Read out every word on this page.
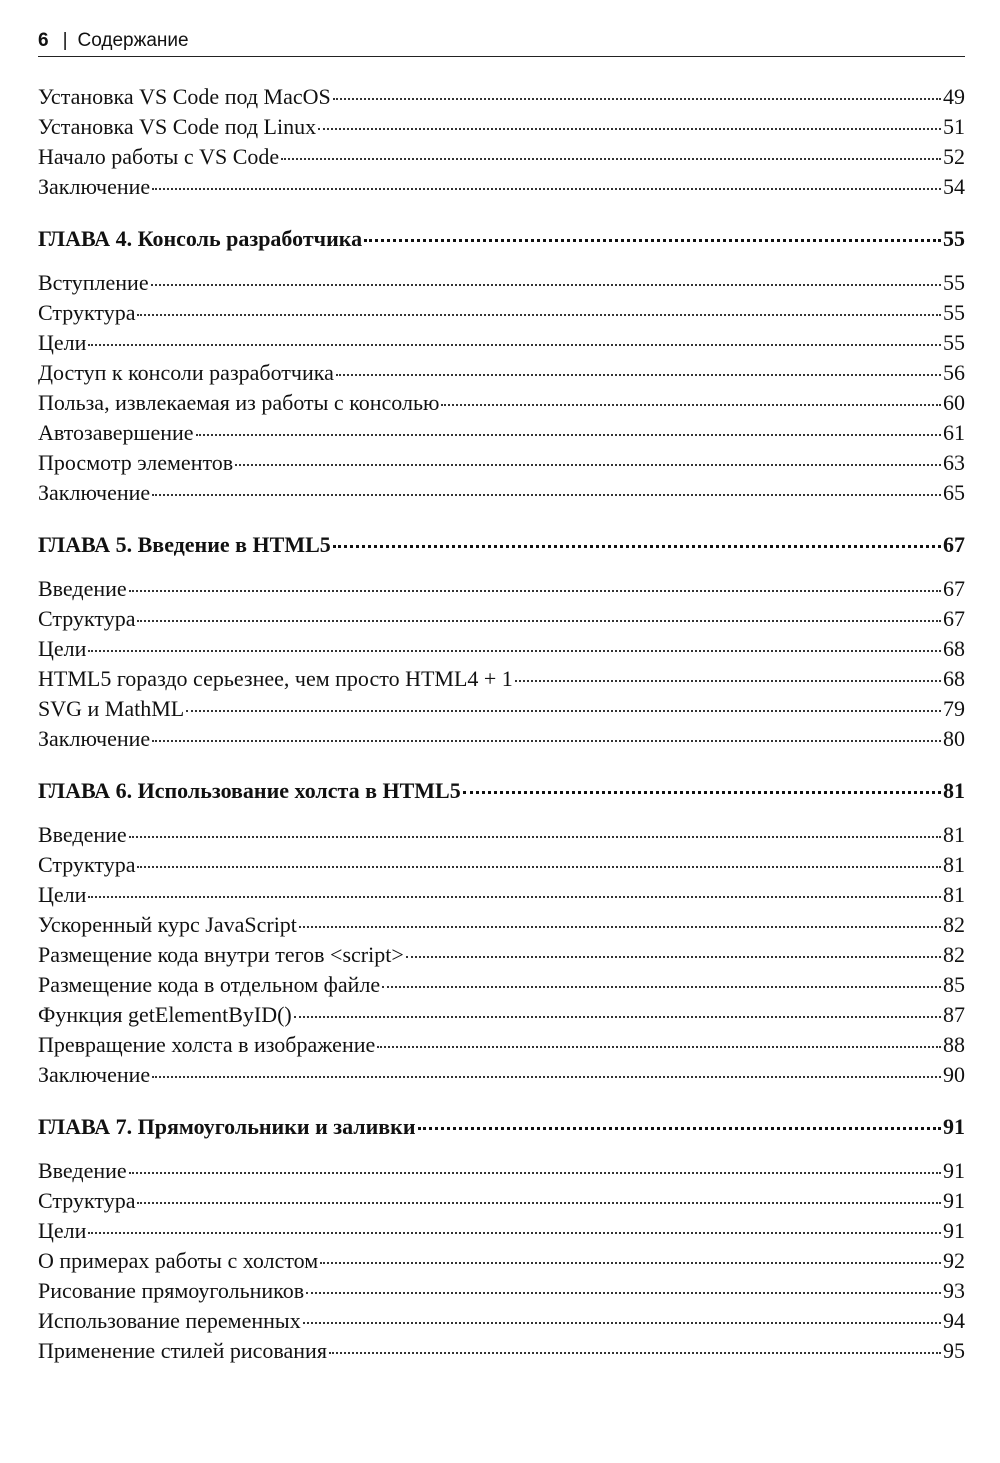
6 | Содержание
Установка VS Code под MacOS	49
Установка VS Code под Linux	51
Начало работы с VS Code	52
Заключение	54
ГЛАВА 4. Консоль разработчика	55
Вступление	55
Структура	55
Цели	55
Доступ к консоли разработчика	56
Польза, извлекаемая из работы с консолью	60
Автозавершение	61
Просмотр элементов	63
Заключение	65
ГЛАВА 5. Введение в HTML5	67
Введение	67
Структура	67
Цели	68
HTML5 гораздо серьезнее, чем просто HTML4 + 1	68
SVG и MathML	79
Заключение	80
ГЛАВА 6. Использование холста в HTML5	81
Введение	81
Структура	81
Цели	81
Ускоренный курс JavaScript	82
Размещение кода внутри тегов <script>	82
Размещение кода в отдельном файле	85
Функция getElementByID()	87
Превращение холста в изображение	88
Заключение	90
ГЛАВА 7. Прямоугольники и заливки	91
Введение	91
Структура	91
Цели	91
О примерах работы с холстом	92
Рисование прямоугольников	93
Использование переменных	94
Применение стилей рисования	95
